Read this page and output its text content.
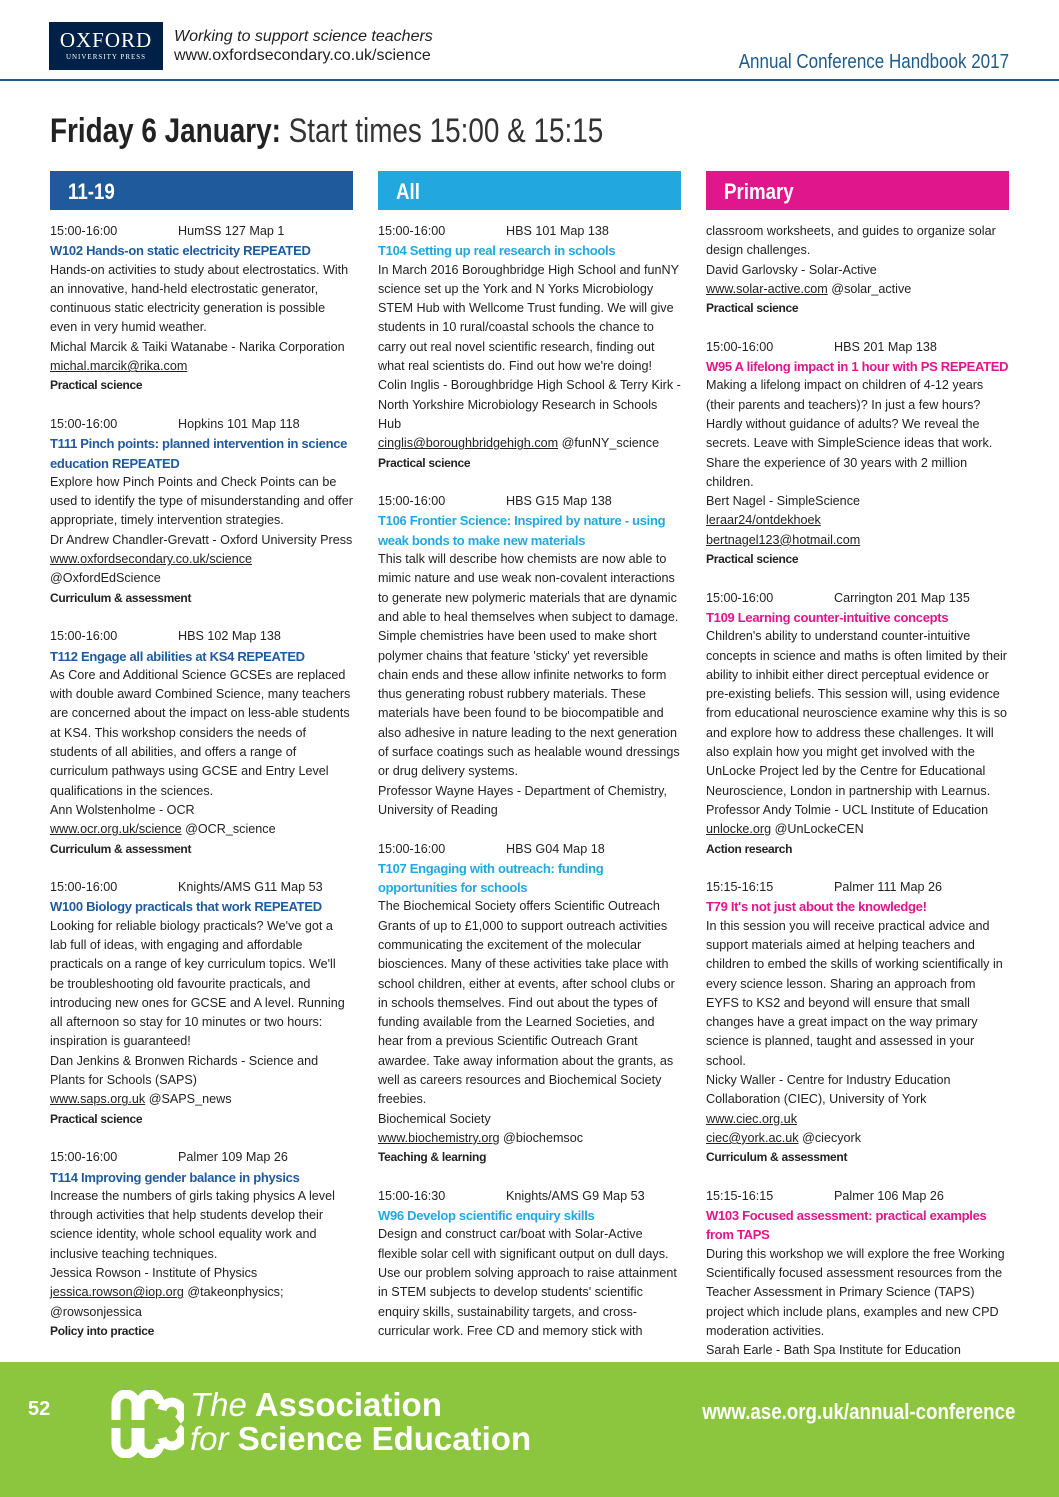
OXFORD
UNIVERSITY PRESS
Working to support science teachers
www.oxfordsecondary.co.uk/science	Annual Conference Handbook 2017
Friday 6 January: Start times 15:00 & 15:15
11-19
15:00-16:00	HumSS 127 Map 1
W102 Hands-on static electricity REPEATED
Hands-on activities to study about electrostatics. With an innovative, hand-held electrostatic generator, continuous static electricity generation is possible even in very humid weather.
Michal Marcik & Taiki Watanabe - Narika Corporation
michal.marcik@rika.com
Practical science
15:00-16:00	Hopkins 101 Map 118
T111 Pinch points: planned intervention in science education REPEATED
Explore how Pinch Points and Check Points can be used to identify the type of misunderstanding and offer appropriate, timely intervention strategies.
Dr Andrew Chandler-Grevatt - Oxford University Press
www.oxfordsecondary.co.uk/science @OxfordEdScience
Curriculum & assessment
15:00-16:00	HBS 102 Map 138
T112 Engage all abilities at KS4 REPEATED
As Core and Additional Science GCSEs are replaced with double award Combined Science, many teachers are concerned about the impact on less-able students at KS4. This workshop considers the needs of students of all abilities, and offers a range of curriculum pathways using GCSE and Entry Level qualifications in the sciences.
Ann Wolstenholme - OCR
www.ocr.org.uk/science @OCR_science
Curriculum & assessment
15:00-16:00	Knights/AMS G11 Map 53
W100 Biology practicals that work REPEATED
Looking for reliable biology practicals? We've got a lab full of ideas, with engaging and affordable practicals on a range of key curriculum topics. We'll be troubleshooting old favourite practicals, and introducing new ones for GCSE and A level. Running all afternoon so stay for 10 minutes or two hours: inspiration is guaranteed!
Dan Jenkins & Bronwen Richards - Science and Plants for Schools (SAPS)
www.saps.org.uk @SAPS_news
Practical science
15:00-16:00	Palmer 109 Map 26
T114 Improving gender balance in physics
Increase the numbers of girls taking physics A level through activities that help students develop their science identity, whole school equality work and inclusive teaching techniques.
Jessica Rowson - Institute of Physics
jessica.rowson@iop.org @takeonphysics; @rowsonjessica
Policy into practice
All
15:00-16:00	HBS 101 Map 138
T104 Setting up real research in schools
In March 2016 Boroughbridge High School and funNY science set up the York and N Yorks Microbiology STEM Hub with Wellcome Trust funding. We will give students in 10 rural/coastal schools the chance to carry out real novel scientific research, finding out what real scientists do. Find out how we're doing!
Colin Inglis - Boroughbridge High School & Terry Kirk - North Yorkshire Microbiology Research in Schools Hub
cinglis@boroughbridgehigh.com @funNY_science
Practical science
15:00-16:00	HBS G15 Map 138
T106 Frontier Science: Inspired by nature - using weak bonds to make new materials
This talk will describe how chemists are now able to mimic nature and use weak non-covalent interactions to generate new polymeric materials that are dynamic and able to heal themselves when subject to damage. Simple chemistries have been used to make short polymer chains that feature 'sticky' yet reversible chain ends and these allow infinite networks to form thus generating robust rubbery materials. These materials have been found to be biocompatible and also adhesive in nature leading to the next generation of surface coatings such as healable wound dressings or drug delivery systems.
Professor Wayne Hayes - Department of Chemistry, University of Reading
15:00-16:00	HBS G04 Map 18
T107 Engaging with outreach: funding opportunities for schools
The Biochemical Society offers Scientific Outreach Grants of up to £1,000 to support outreach activities communicating the excitement of the molecular biosciences. Many of these activities take place with school children, either at events, after school clubs or in schools themselves. Find out about the types of funding available from the Learned Societies, and hear from a previous Scientific Outreach Grant awardee. Take away information about the grants, as well as careers resources and Biochemical Society freebies.
Biochemical Society
www.biochemistry.org @biochemsoc
Teaching & learning
15:00-16:30	Knights/AMS G9 Map 53
W96 Develop scientific enquiry skills
Design and construct car/boat with Solar-Active flexible solar cell with significant output on dull days. Use our problem solving approach to raise attainment in STEM subjects to develop students' scientific enquiry skills, sustainability targets, and cross-curricular work. Free CD and memory stick with
Primary
classroom worksheets, and guides to organize solar design challenges.
David Garlovsky - Solar-Active
www.solar-active.com @solar_active
Practical science
15:00-16:00	HBS 201 Map 138
W95 A lifelong impact in 1 hour with PS REPEATED
Making a lifelong impact on children of 4-12 years (their parents and teachers)? In just a few hours? Hardly without guidance of adults? We reveal the secrets. Leave with SimpleScience ideas that work. Share the experience of 30 years with 2 million children.
Bert Nagel - SimpleScience
leraar24/ontdekhoek
bertnagel123@hotmail.com
Practical science
15:00-16:00	Carrington 201 Map 135
T109 Learning counter-intuitive concepts
Children's ability to understand counter-intuitive concepts in science and maths is often limited by their ability to inhibit either direct perceptual evidence or pre-existing beliefs. This session will, using evidence from educational neuroscience examine why this is so and explore how to address these challenges. It will also explain how you might get involved with the UnLocke Project led by the Centre for Educational Neuroscience, London in partnership with Learnus.
Professor Andy Tolmie - UCL Institute of Education
unlocke.org @UnLockeCEN
Action research
15:15-16:15	Palmer 111 Map 26
T79 It's not just about the knowledge!
In this session you will receive practical advice and support materials aimed at helping teachers and children to embed the skills of working scientifically in every science lesson. Sharing an approach from EYFS to KS2 and beyond will ensure that small changes have a great impact on the way primary science is planned, taught and assessed in your school.
Nicky Waller - Centre for Industry Education Collaboration (CIEC), University of York
www.ciec.org.uk
ciec@york.ac.uk @ciecyork
Curriculum & assessment
15:15-16:15	Palmer 106 Map 26
W103 Focused assessment: practical examples from TAPS
During this workshop we will explore the free Working Scientifically focused assessment resources from the Teacher Assessment in Primary Science (TAPS) project which include plans, examples and new CPD moderation activities.
Sarah Earle - Bath Spa Institute for Education
52	The Association
for Science Education
www.ase.org.uk/annual-conference
